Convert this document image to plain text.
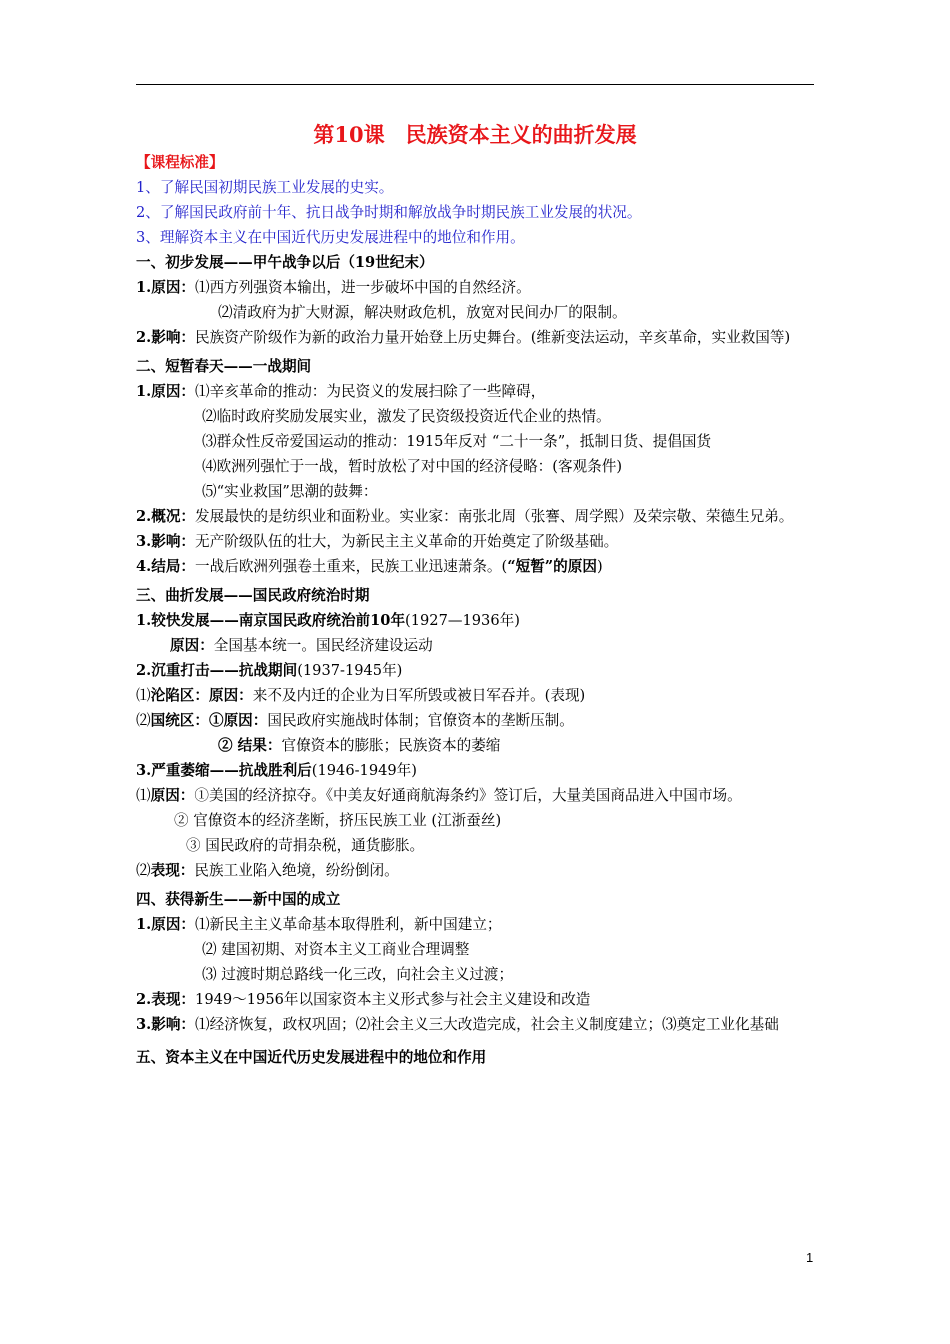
第10课　民族资本主义的曲折发展
【课程标准】
1、了解民国初期民族工业发展的史实。
2、了解国民政府前十年、抗日战争时期和解放战争时期民族工业发展的状况。
3、理解资本主义在中国近代历史发展进程中的地位和作用。
一、初步发展——甲午战争以后（19世纪末）
1.原因：⑴西方列强资本输出，进一步破坏中国的自然经济。
⑵清政府为扩大财源，解决财政危机，放宽对民间办厂的限制。
2.影响：民族资产阶级作为新的政治力量开始登上历史舞台。(维新变法运动，辛亥革命，实业救国等)
二、短暂春天——一战期间
1.原因：⑴辛亥革命的推动：为民资义的发展扫除了一些障碍，
⑵临时政府奖励发展实业，激发了民资级投资近代企业的热情。
⑶群众性反帝爱国运动的推动：1915年反对 “二十一条”，抵制日货、提倡国货
⑷欧洲列强忙于一战，暂时放松了对中国的经济侵略：(客观条件)
⑸“实业救国”思潮的鼓舞：
2.概况：发展最快的是纺织业和面粉业。实业家：南张北周（张謇、周学熙）及荣宗敬、荣德生兄弟。
3.影响：无产阶级队伍的壮大，为新民主主义革命的开始奠定了阶级基础。
4.结局：一战后欧洲列强卷土重来，民族工业迅速萧条。(“短暂”的原因)
三、曲折发展——国民政府统治时期
1.较快发展——南京国民政府统治前10年(1927—1936年)
原因：全国基本统一。国民经济建设运动
2.沉重打击——抗战期间(1937-1945年)
⑴沦陷区：原因：来不及内迁的企业为日军所毁或被日军吞并。(表现)
⑵国统区：①原因：国民政府实施战时体制；官僚资本的垄断压制。
② 结果：官僚资本的膨胀；民族资本的萎缩
3.严重萎缩——抗战胜利后(1946-1949年)
⑴原因：①美国的经济掠夺。《中美友好通商航海条约》签订后，大量美国商品进入中国市场。
② 官僚资本的经济垄断，挤压民族工业 (江浙蚕丝)
③ 国民政府的苛捐杂税，通货膨胀。
⑵表现：民族工业陷入绝境，纷纷倒闭。
四、获得新生——新中国的成立
1.原因：⑴新民主主义革命基本取得胜利，新中国建立；
⑵ 建国初期、对资本主义工商业合理调整
⑶ 过渡时期总路线一化三改，向社会主义过渡；
2.表现：1949～1956年以国家资本主义形式参与社会主义建设和改造
3.影响：⑴经济恢复，政权巩固；⑵社会主义三大改造完成，社会主义制度建立；⑶奠定工业化基础
五、资本主义在中国近代历史发展进程中的地位和作用
1
